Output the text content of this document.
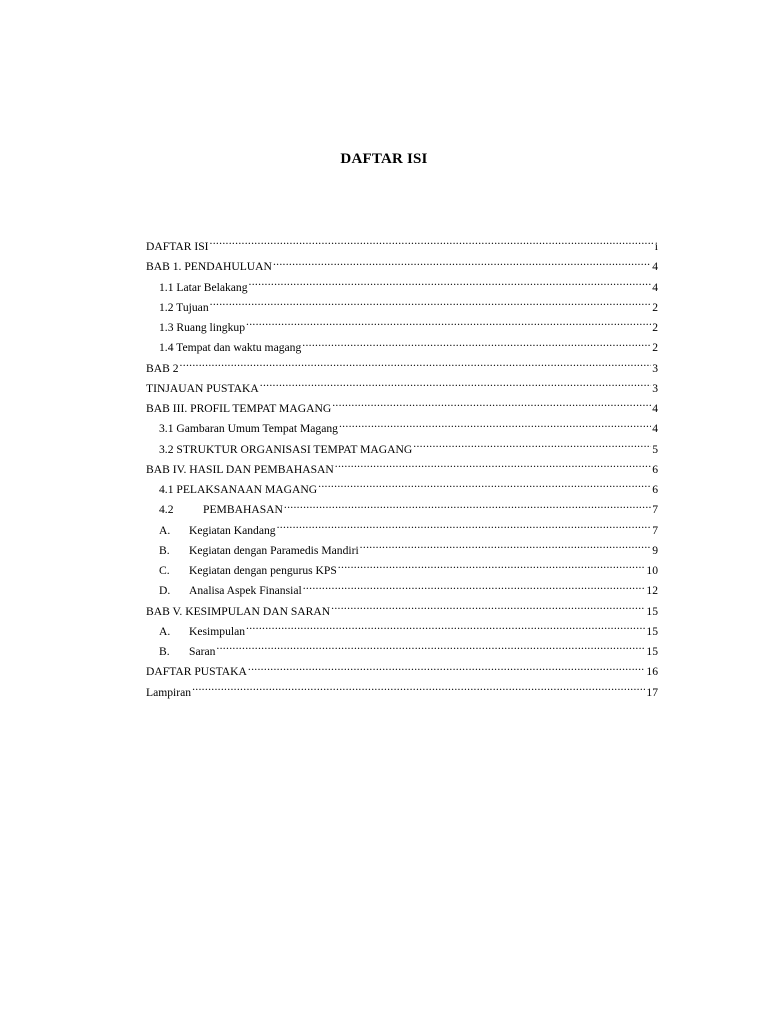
DAFTAR ISI
DAFTAR ISI .....	i
BAB 1. PENDAHULUAN .....	4
1.1 Latar Belakang .....	4
1.2 Tujuan .....	2
1.3 Ruang lingkup .....	2
1.4 Tempat dan waktu magang .....	2
BAB 2 .....	3
TINJAUAN PUSTAKA .....	3
BAB III. PROFIL TEMPAT MAGANG .....	4
3.1 Gambaran Umum Tempat Magang .....	4
3.2 STRUKTUR ORGANISASI TEMPAT MAGANG .....	5
BAB IV. HASIL DAN PEMBAHASAN .....	6
4.1 PELAKSANAAN MAGANG .....	6
4.2	PEMBAHASAN .....	7
A.	Kegiatan Kandang .....	7
B.	Kegiatan dengan Paramedis Mandiri .....	9
C.	Kegiatan dengan pengurus KPS .....	10
D.	Analisa Aspek Finansial .....	12
BAB V. KESIMPULAN DAN SARAN .....	15
A.	Kesimpulan .....	15
B.	Saran .....	15
DAFTAR PUSTAKA .....	16
Lampiran .....	17
